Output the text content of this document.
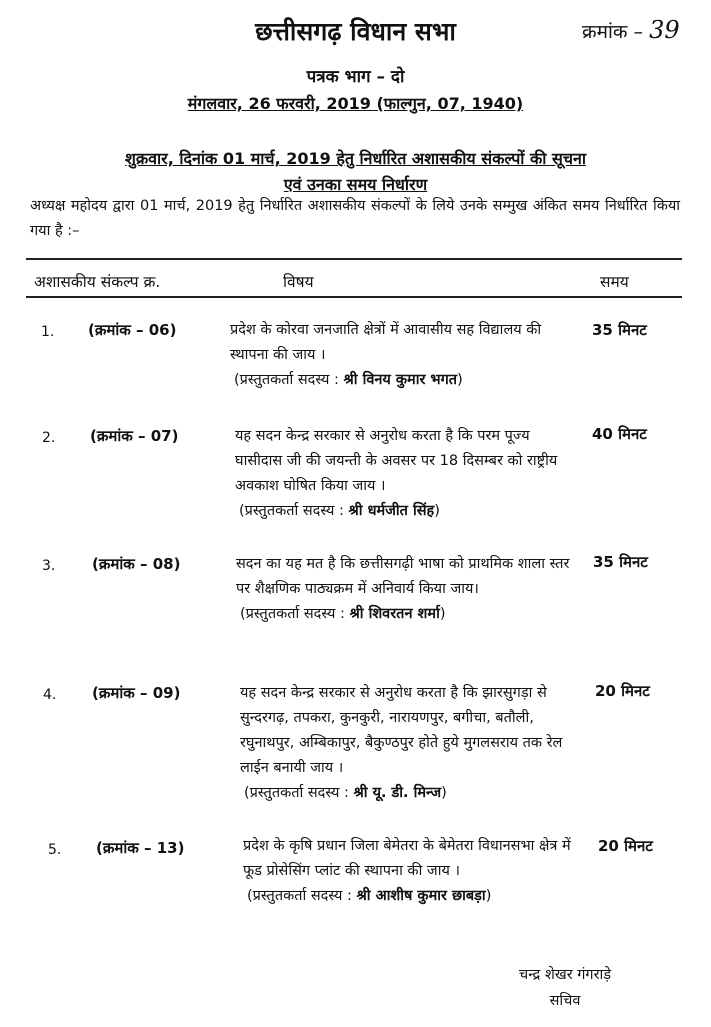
छत्तीसगढ़ विधान सभा	क्रमांक – 39
पत्रक भाग – दो
मंगलवार, 26 फरवरी, 2019 (फाल्गुन, 07, 1940)
शुक्रवार, दिनांक 01 मार्च, 2019 हेतु निर्धारित अशासकीय संकल्पों की सूचना
एवं उनका समय निर्धारण
अध्यक्ष महोदय द्वारा 01 मार्च, 2019 हेतु निर्धारित अशासकीय संकल्पों के लिये उनके सम्मुख अंकित समय निर्धारित किया गया है :–
अशासकीय संकल्प क्र.	विषय	समय
1. (क्रमांक – 06)	प्रदेश के कोरवा जनजाति क्षेत्रों में आवासीय सह विद्यालय की स्थापना की जाय ।
(प्रस्तुतकर्ता सदस्य : श्री विनय कुमार भगत)
35 मिनट
2. (क्रमांक – 07)	यह सदन केन्द्र सरकार से अनुरोध करता है कि परम पूज्य घासीदास जी की जयन्ती के अवसर पर 18 दिसम्बर को राष्ट्रीय अवकाश घोषित किया जाय ।
(प्रस्तुतकर्ता सदस्य : श्री धर्मजीत सिंह)
40 मिनट
3. (क्रमांक – 08)	सदन का यह मत है कि छत्तीसगढ़ी भाषा को प्राथमिक शाला स्तर पर शैक्षणिक पाठ्यक्रम में अनिवार्य किया जाय।
(प्रस्तुतकर्ता सदस्य : श्री शिवरतन शर्मा)
35 मिनट
4. (क्रमांक – 09)	यह सदन केन्द्र सरकार से अनुरोध करता है कि झारसुगड़ा से सुन्दरगढ़, तपकरा, कुनकुरी, नारायणपुर, बगीचा, बतौली, रघुनाथपुर, अम्बिकापुर, बैकुण्ठपुर होते हुये मुगलसराय तक रेल लाईन बनायी जाय ।
(प्रस्तुतकर्ता सदस्य : श्री यू. डी. मिन्ज)
20 मिनट
5. (क्रमांक – 13)	प्रदेश के कृषि प्रधान जिला बेमेतरा के बेमेतरा विधानसभा क्षेत्र में फूड प्रोसेसिंग प्लांट की स्थापना की जाय ।
(प्रस्तुतकर्ता सदस्य : श्री आशीष कुमार छाबड़ा)
20 मिनट
चन्द्र शेखर गंगराड़े
सचिव
